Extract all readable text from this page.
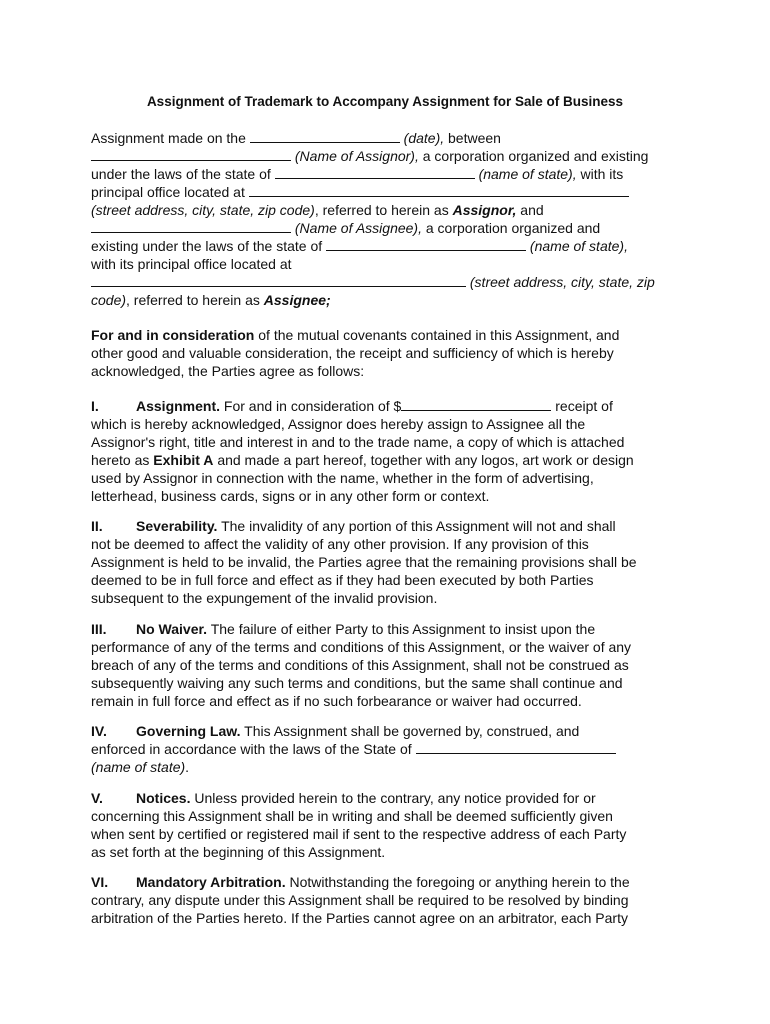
Assignment of Trademark to Accompany Assignment for Sale of Business
Assignment made on the	(date), between
(Name of Assignor), a corporation organized and existing
under the laws of the state of	(name of state), with its
principal office located at
(street address, city, state, zip code), referred to herein as Assignor, and
(Name of Assignee), a corporation organized and
existing under the laws of the state of	(name of state),
with its principal office located at
(street address, city, state, zip
code), referred to herein as Assignee;
For and in consideration of the mutual covenants contained in this Assignment, and
other good and valuable consideration, the receipt and sufficiency of which is hereby
acknowledged, the Parties agree as follows:
I.	Assignment. For and in consideration of $	receipt of
which is hereby acknowledged, Assignor does hereby assign to Assignee all the
Assignor's right, title and interest in and to the trade name, a copy of which is attached
hereto as Exhibit A and made a part hereof, together with any logos, art work or design
used by Assignor in connection with the name, whether in the form of advertising,
letterhead, business cards, signs or in any other form or context.
II. Severability. The invalidity of any portion of this Assignment will not and shall
not be deemed to affect the validity of any other provision. If any provision of this
Assignment is held to be invalid, the Parties agree that the remaining provisions shall be
deemed to be in full force and effect as if they had been executed by both Parties
subsequent to the expungement of the invalid provision.
III. No Waiver. The failure of either Party to this Assignment to insist upon the
performance of any of the terms and conditions of this Assignment, or the waiver of any
breach of any of the terms and conditions of this Assignment, shall not be construed as
subsequently waiving any such terms and conditions, but the same shall continue and
remain in full force and effect as if no such forbearance or waiver had occurred.
IV. Governing Law. This Assignment shall be governed by, construed, and
enforced in accordance with the laws of the State of
(name of state).
V. Notices. Unless provided herein to the contrary, any notice provided for or
concerning this Assignment shall be in writing and shall be deemed sufficiently given
when sent by certified or registered mail if sent to the respective address of each Party
as set forth at the beginning of this Assignment.
VI. Mandatory Arbitration. Notwithstanding the foregoing or anything herein to the
contrary, any dispute under this Assignment shall be required to be resolved by binding
arbitration of the Parties hereto. If the Parties cannot agree on an arbitrator, each Party
